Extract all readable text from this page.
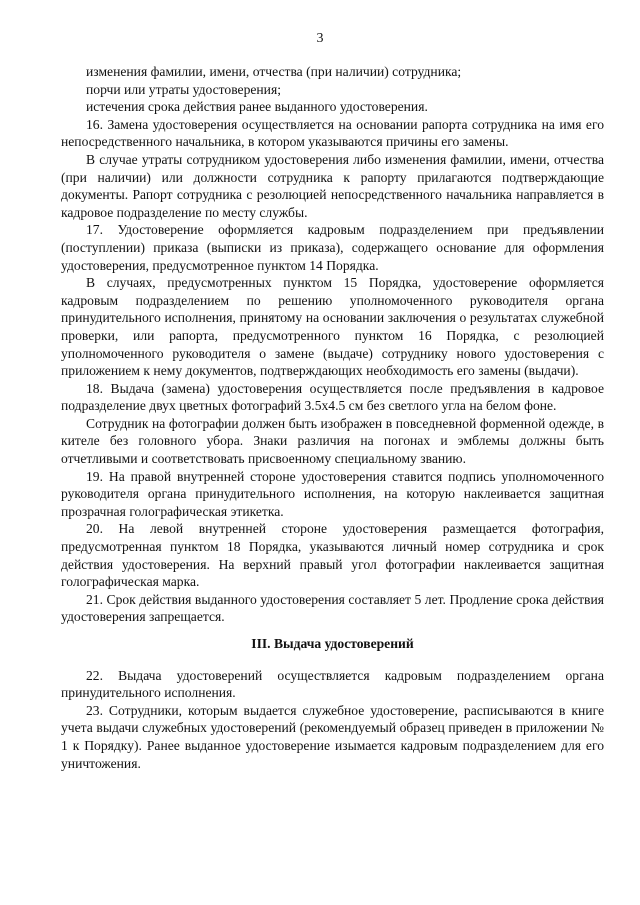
3

изменения фамилии, имени, отчества (при наличии) сотрудника;

порчи или утраты удостоверения;

истечения срока действия ранее выданного удостоверения.

16. Замена удостоверения осуществляется на основании рапорта сотрудника на имя его непосредственного начальника, в котором указываются причины его замены.

В случае утраты сотрудником удостоверения либо изменения фамилии, имени, отчества (при наличии) или должности сотрудника к рапорту прилагаются подтверждающие документы. Рапорт сотрудника с резолюцией непосредственного начальника направляется в кадровое подразделение по месту службы.

17. Удостоверение оформляется кадровым подразделением при предъявлении (поступлении) приказа (выписки из приказа), содержащего основание для оформления удостоверения, предусмотренное пунктом 14 Порядка.

В случаях, предусмотренных пунктом 15 Порядка, удостоверение оформляется кадровым подразделением по решению уполномоченного руководителя органа принудительного исполнения, принятому на основании заключения о результатах служебной проверки, или рапорта, предусмотренного пунктом 16 Порядка, с резолюцией уполномоченного руководителя о замене (выдаче) сотруднику нового удостоверения с приложением к нему документов, подтверждающих необходимость его замены (выдачи).

18. Выдача (замена) удостоверения осуществляется после предъявления в кадровое подразделение двух цветных фотографий 3.5x4.5 см без светлого угла на белом фоне.

Сотрудник на фотографии должен быть изображен в повседневной форменной одежде, в кителе без головного убора. Знаки различия на погонах и эмблемы должны быть отчетливыми и соответствовать присвоенному специальному званию.

19. На правой внутренней стороне удостоверения ставится подпись уполномоченного руководителя органа принудительного исполнения, на которую наклеивается защитная прозрачная голографическая этикетка.

20. На левой внутренней стороне удостоверения размещается фотография, предусмотренная пунктом 18 Порядка, указываются личный номер сотрудника и срок действия удостоверения. На верхний правый угол фотографии наклеивается защитная голографическая марка.

21. Срок действия выданного удостоверения составляет 5 лет. Продление срока действия удостоверения запрещается.

III. Выдача удостоверений

22. Выдача удостоверений осуществляется кадровым подразделением органа принудительного исполнения.

23. Сотрудники, которым выдается служебное удостоверение, расписываются в книге учета выдачи служебных удостоверений (рекомендуемый образец приведен в приложении № 1 к Порядку). Ранее выданное удостоверение изымается кадровым подразделением для его уничтожения.
